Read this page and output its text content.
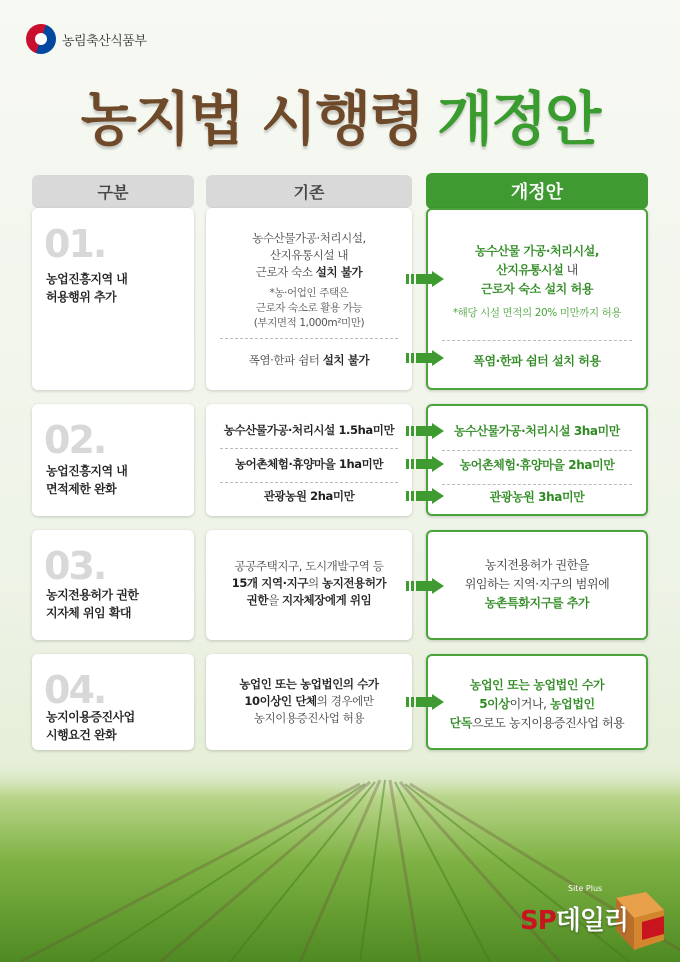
농림축산식품부
농지법 시행령 개정안
구분	기존	개정안
01.
농업진흥지역 내
허용행위 추가
농수산물가공·처리시설,
산지유통시설 내
근로자 숙소 설치 불가
*농·어업인 주택은
근로자 숙소로 활용 가능
(부지면적 1,000m²미만)
폭염·한파 쉼터 설치 불가
농수산물 가공·처리시설,
산지유통시설 내
근로자 숙소 설치 허용
*해당 시설 면적의 20% 미만까지 허용
폭염·한파 쉼터 설치 허용
02.
농업진흥지역 내
면적제한 완화
농수산물가공·처리시설 1.5ha미만
농어촌체험·휴양마을 1ha미만
관광농원 2ha미만
농수산물가공·처리시설 3ha미만
농어촌체험·휴양마을 2ha미만
관광농원 3ha미만
03.
농지전용허가 권한
지자체 위임 확대
공공주택지구, 도시개발구역 등
15개 지역·지구의 농지전용허가
권한을 지자체장에게 위임
농지전용허가 권한을
위임하는 지역·지구의 범위에
농촌특화지구를 추가
04.
농지이용증진사업
시행요건 완화
농업인 또는 농업법인의 수가
10이상인 단체의 경우에만
농지이용증진사업 허용
농업인 또는 농업법인 수가
5이상이거나, 농업법인
단독으로도 농지이용증진사업 허용
Site Plus
SP데일리
